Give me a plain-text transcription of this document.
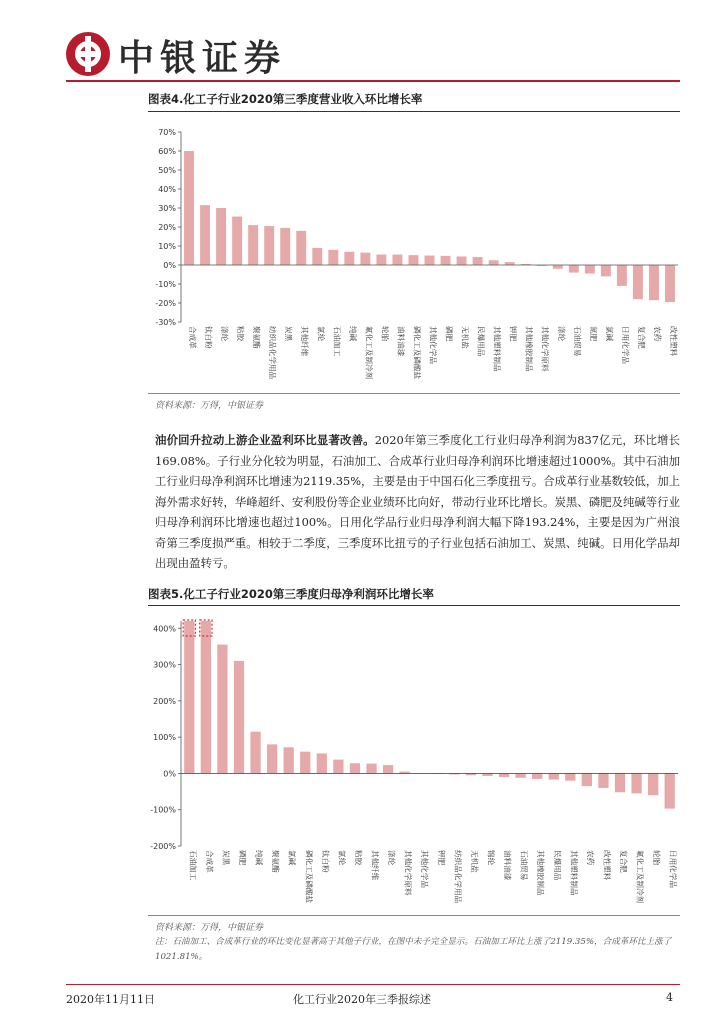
中银证券
图表4.化工子行业2020第三季度营业收入环比增长率
70%
60%
50%
40%
30%
20%
10%
0%
-10%
-20%
-30%
合成革 钛白粉 涤纶 粘胶 聚氨酯 纺织品化学用品 炭黑 其他纤维 氯纶 石油加工 纯碱 氟化工及制冷剂 轮胎 油料油漆 磷化工及磷酸盐 其他化学品 磷肥 无机盐 民爆用品 其他塑料制品 钾肥 其他橡胶制品 其他化学原料 涤纶 石油贸易 氮肥 氯碱 日用化学品 复合肥 农药 改性塑料
资料来源：万得，中银证券
油价回升拉动上游企业盈利环比显著改善。2020年第三季度化工行业归母净利润为837亿元，环比增长169.08%。子行业分化较为明显，石油加工、合成革行业归母净利润环比增速超过1000%。其中石油加工行业归母净利润环比增速为2119.35%，主要是由于中国石化三季度扭亏。合成革行业基数较低，加上海外需求好转，华峰超纤、安利股份等企业业绩环比向好，带动行业环比增长。炭黑、磷肥及纯碱等行业归母净利润环比增速也超过100%。日用化学品行业归母净利润大幅下降193.24%，主要是因为广州浪奇第三季度损严重。相较于二季度，三季度环比扭亏的子行业包括石油加工、炭黑、纯碱。日用化学品却出现由盈转亏。
图表5.化工子行业2020第三季度归母净利润环比增长率
400%
300%
200%
100%
0%
-100%
-200%
石油加工 合成革 炭黑 磷肥 纯碱 聚氨酯 氯碱 磷化工及磷酸盐 钛白粉 氯纶 粘胶 其他纤维 涤纶 其他化学原料 其他化学品 钾肥 纺织品化学用品 无机盐 锦纶 油料油漆 石油贸易 其他橡胶制品 民爆用品 其他塑料制品 农药 改性塑料 复合肥 氟化工及制冷剂 轮胎 日用化学品
资料来源：万得，中银证券
注：石油加工、合成革行业的环比变化显著高于其他子行业，在图中未予完全显示。石油加工环比上涨了2119.35%，合成革环比上涨了1021.81%。
2020年11月11日	化工行业2020年三季报综述	4
